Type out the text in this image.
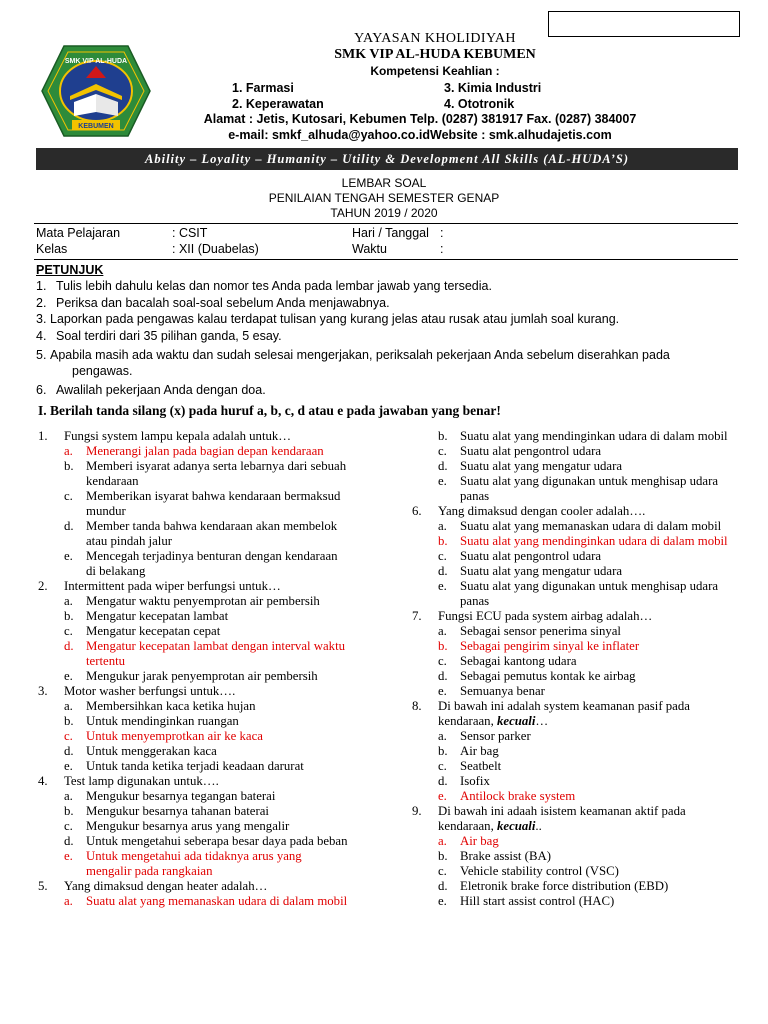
SMK VIP AL-HUDA
KEBUMEN
YAYASAN KHOLIDIYAH
SMK VIP AL-HUDA KEBUMEN
Kompetensi Keahlian :
1. Farmasi	3. Kimia Industri
2. Keperawatan	4. Ototronik
Alamat : Jetis, Kutosari, Kebumen Telp. (0287) 381917 Fax. (0287) 384007
e-mail: smkf_alhuda@yahoo.co.idWebsite : smk.alhudajetis.com
Ability – Loyality – Humanity – Utility & Development All Skills (AL-HUDA’S)
LEMBAR SOAL
PENILAIAN TENGAH SEMESTER GENAP
TAHUN 2019 / 2020
Mata Pelajaran	: CSIT	Hari / Tanggal :
Kelas	: XII (Duabelas)	Waktu	:
PETUNJUK
1. Tulis lebih dahulu kelas dan nomor tes Anda pada lembar jawab yang tersedia.
2. Periksa dan bacalah soal-soal sebelum Anda menjawabnya.
3. Laporkan pada pengawas kalau terdapat tulisan yang kurang jelas atau rusak atau jumlah soal kurang.
4. Soal terdiri dari 35 pilihan ganda, 5 esay.
5. Apabila masih ada waktu dan sudah selesai mengerjakan, periksalah pekerjaan Anda sebelum diserahkan pada
pengawas.
6. Awalilah pekerjaan Anda dengan doa.
I. Berilah tanda silang (x) pada huruf a, b, c, d atau e pada jawaban yang benar!
1. Fungsi system lampu kepala adalah untuk…
a. Menerangi jalan pada bagian depan kendaraan
b. Memberi isyarat adanya serta lebarnya dari sebuah kendaraan
c. Memberikan isyarat bahwa kendaraan bermaksud mundur
d. Member tanda bahwa kendaraan akan membelok atau pindah jalur
e. Mencegah terjadinya benturan dengan kendaraan di belakang
2. Intermittent pada wiper berfungsi untuk…
a. Mengatur waktu penyemprotan air pembersih
b. Mengatur kecepatan lambat
c. Mengatur kecepatan cepat
d. Mengatur kecepatan lambat dengan interval waktu tertentu
e. Mengukur jarak penyemprotan air pembersih
3. Motor washer berfungsi untuk….
a. Membersihkan kaca ketika hujan
b. Untuk mendinginkan ruangan
c. Untuk menyemprotkan air ke kaca
d. Untuk menggerakan kaca
e. Untuk tanda ketika terjadi keadaan darurat
4. Test lamp digunakan untuk….
a. Mengukur besarnya tegangan baterai
b. Mengukur besarnya tahanan baterai
c. Mengukur besarnya arus yang mengalir
d. Untuk mengetahui seberapa besar daya pada beban
e. Untuk mengetahui ada tidaknya arus yang mengalir pada rangkaian
5. Yang dimaksud dengan heater adalah…
a. Suatu alat yang memanaskan udara di dalam mobil
b. Suatu alat yang mendinginkan udara di dalam mobil
c. Suatu alat pengontrol udara
d. Suatu alat yang mengatur udara
e. Suatu alat yang digunakan untuk menghisap udara panas
6. Yang dimaksud dengan cooler adalah….
a. Suatu alat yang memanaskan udara di dalam mobil
b. Suatu alat yang mendinginkan udara di dalam mobil
c. Suatu alat pengontrol udara
d. Suatu alat yang mengatur udara
e. Suatu alat yang digunakan untuk menghisap udara panas
7. Fungsi ECU pada system airbag adalah…
a. Sebagai sensor penerima sinyal
b. Sebagai pengirim sinyal ke inflater
c. Sebagai kantong udara
d. Sebagai pemutus kontak ke airbag
e. Semuanya benar
8. Di bawah ini adalah system keamanan pasif pada kendaraan, kecuali…
a. Sensor parker
b. Air bag
c. Seatbelt
d. Isofix
e. Antilock brake system
9. Di bawah ini adaah isistem keamanan aktif pada kendaraan, kecuali..
a. Air bag
b. Brake assist (BA)
c. Vehicle stability control (VSC)
d. Eletronik brake force distribution (EBD)
e. Hill start assist control (HAC)
